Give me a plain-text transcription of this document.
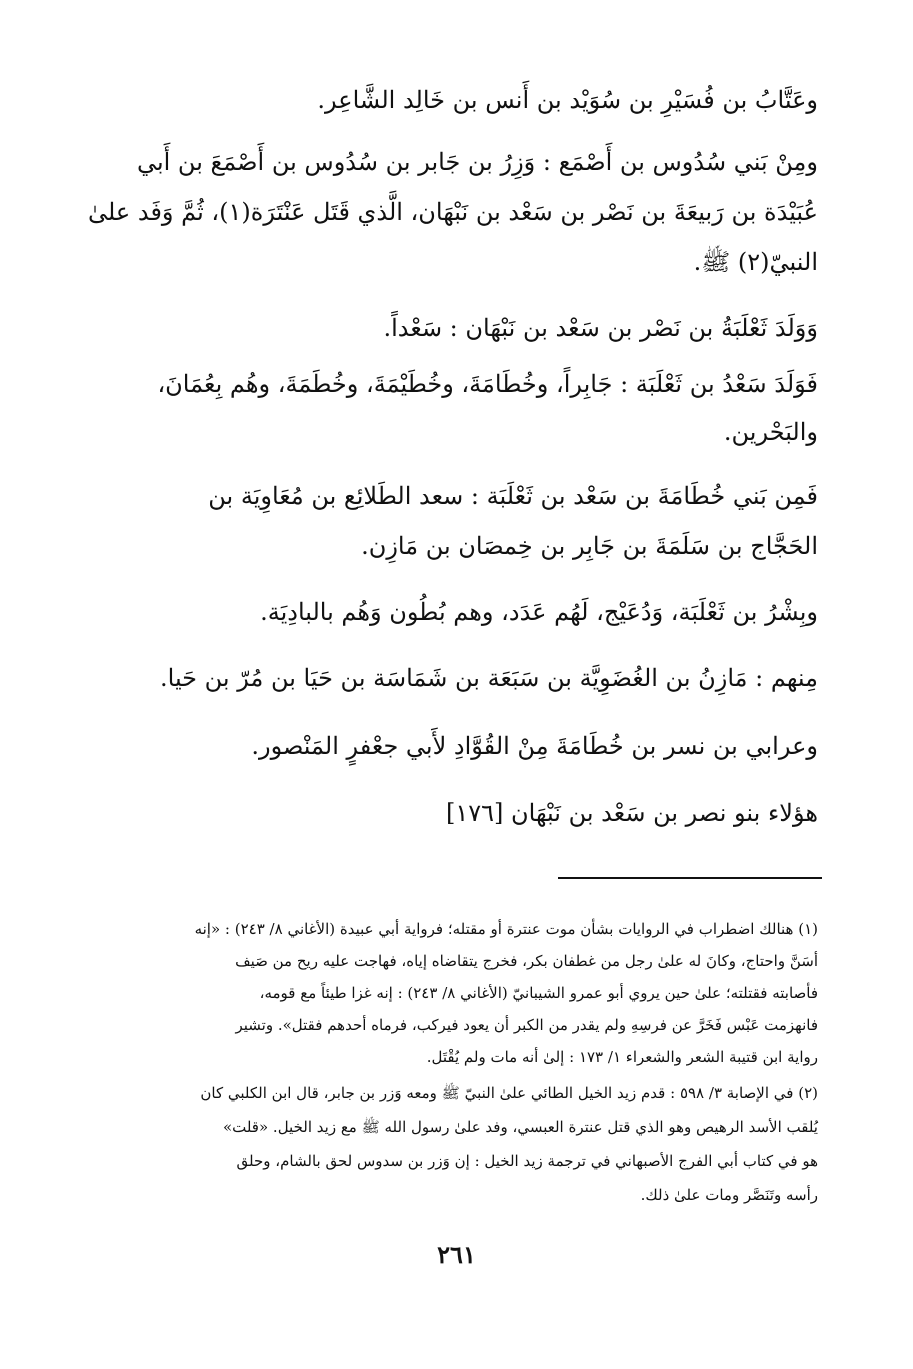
وعَتَّابُ بن فُسَيْرِ بن سُوَيْد بن أَنس بن خَالِد الشَّاعِر.
ومِنْ بَني سُدُوس بن أَصْمَع : وَزِرُ بن جَابر بن سُدُوس بن أَصْمَعَ بن أَبي
عُبَيْدَة بن رَبيعَةَ بن نَصْر بن سَعْد بن نَبْهَان، الَّذي قَتَل عَنْتَرَة(١)، ثُمَّ وَفَد علىٰ
النبيّ(٢) ﷺ.
وَوَلَدَ ثَعْلَبَةُ بن نَصْر بن سَعْد بن نَبْهَان : سَعْداً.
فَوَلَدَ سَعْدُ بن ثَعْلَبَة : جَابِراً، وخُطَامَةَ، وخُطَيْمَةَ، وخُطَمَةَ، وهُم بِعُمَانَ،
والبَحْرين.
فَمِن بَني خُطَامَةَ بن سَعْد بن ثَعْلَبَة : سعد الطَلائِع بن مُعَاوِيَة بن
الحَجَّاج بن سَلَمَةَ بن جَابِر بن خِمصَان بن مَازِن.
وبِشْرُ بن ثَعْلَبَة، وَدُعَيْج، لَهُم عَدَد، وهم بُطُون وَهُم بالبادِيَة.
مِنهم : مَازِنُ بن الغُضَوِيَّة بن سَبَعَة بن شَمَاسَة بن حَيَا بن مُرّ بن حَيا.
وعرابي بن نسر بن خُطَامَةَ مِنْ القُوَّادِ لأَبي جعْفرٍ المَنْصور.
هؤلاء بنو نصر بن سَعْد بن نَبْهَان [١٧٦]
(١) هنالك اضطراب في الروايات بشأن موت عنترة أو مقتله؛ فرواية أبي عبيدة (الأغاني ٨/ ٢٤٣) : «إنه
أسَنَّ واحتاج، وكانَ له علىٰ رجل من غطفان بكر، فخرج يتقاضاه إياه، فهاجت عليه ريح من صَيف
فأصابته فقتلته؛ علىٰ حين يروي أبو عمرو الشيبانيّ (الأغاني ٨/ ٢٤٣) : إنه غزا طيئاً مع قومه،
فانهزمت عَبْس فَخَرَّ عن فرسِهِ ولم يقدر من الكبر أن يعود فيركب، فرماه أحدهم فقتل». وتشير
رواية ابن قتيبة الشعر والشعراء ١/ ١٧٣ : إلىٰ أنه مات ولم يُقْتَل.
(٢) في الإصابة ٣/ ٥٩٨ : قدم زيد الخيل الطائي علىٰ النبيّ ﷺ ومعه وَزر بن جابر، قال ابن الكلبي كان
يُلقب الأسد الرهيص وهو الذي قتل عنترة العبسي، وفد علىٰ رسول الله ﷺ مع زيد الخيل. «قلت»
هو في كتاب أبي الفرج الأصبهاني في ترجمة زيد الخيل : إن وَزر بن سدوس لحق بالشام، وحلق
رأسه وتَنَصَّر ومات علىٰ ذلك.
٢٦١
